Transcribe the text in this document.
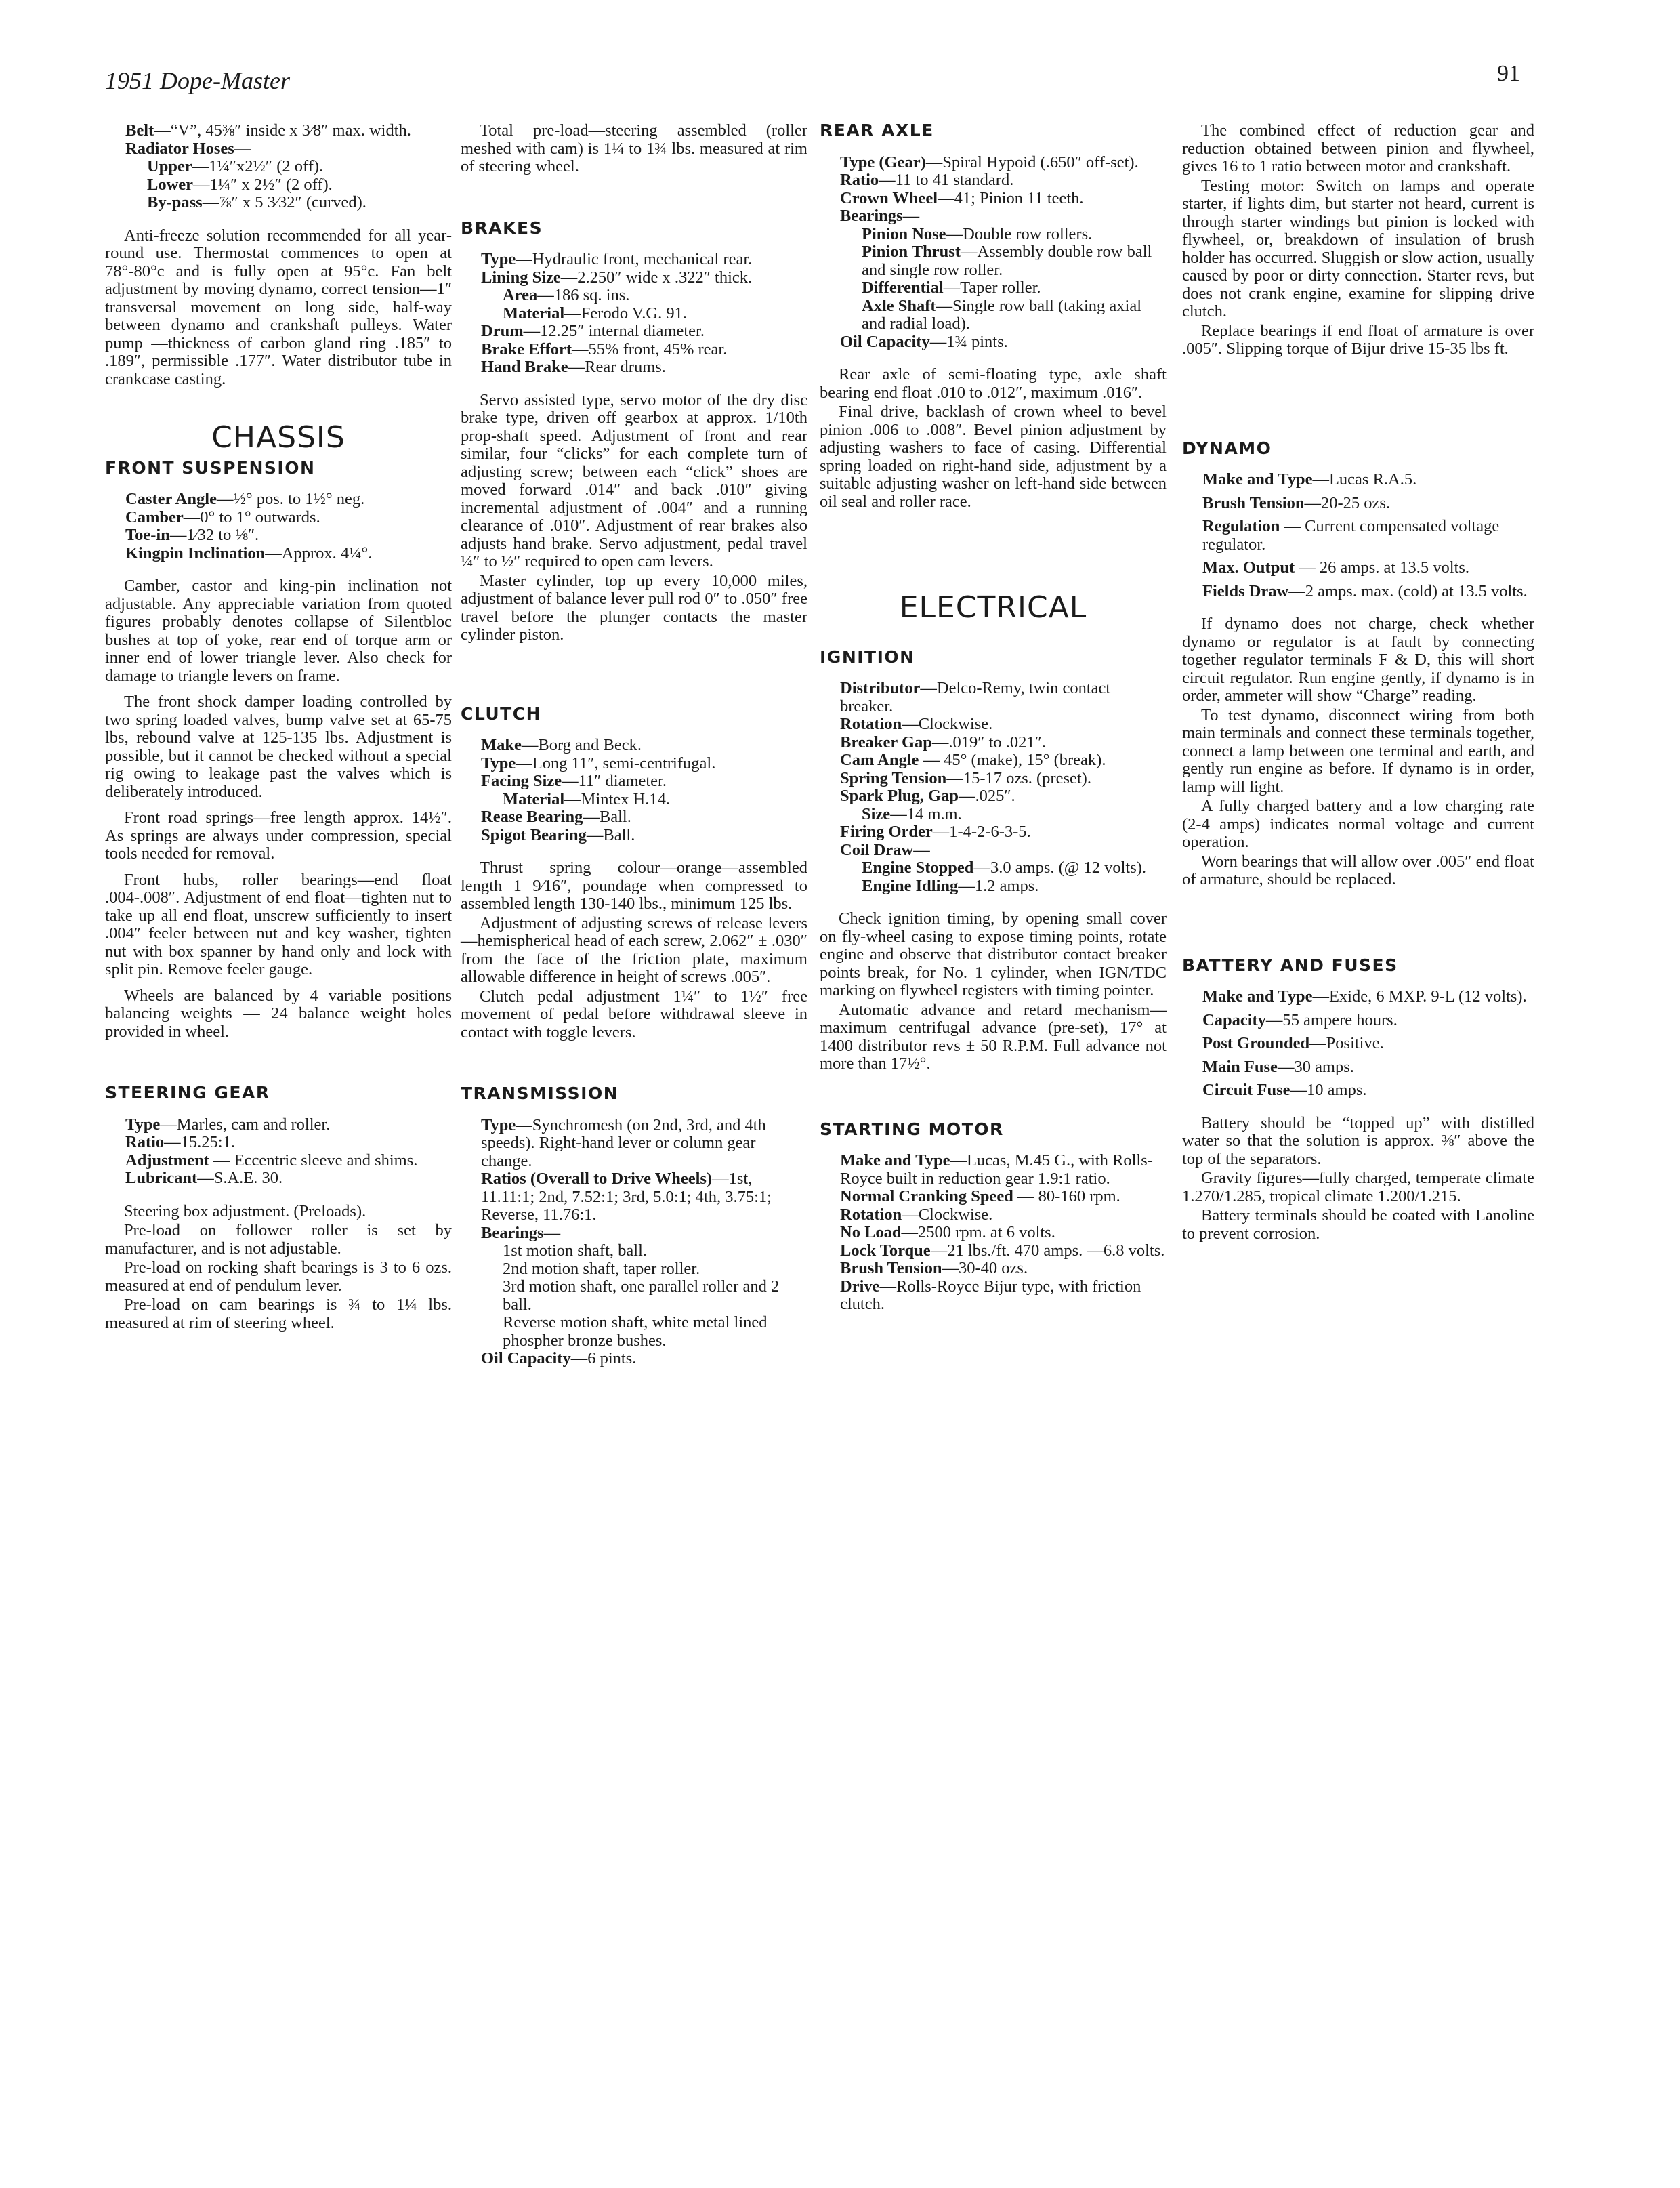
1951 Dope-Master	91

Belt—“V”, 45⅜″ inside x 3⁄8″ max. width.

Radiator Hoses—

Upper—1¼″x2½″ (2 off).

Lower—1¼″ x 2½″ (2 off).

By-pass—⅞″ x 5 3⁄32″ (curved).

Anti-freeze solution recommended for all year-round use. Thermostat commences to open at 78°-80°c and is fully open at 95°c. Fan belt adjustment by moving dynamo, correct tension—1″ transversal movement on long side, half-way between dynamo and crankshaft pulleys. Water pump —thickness of carbon gland ring .185″ to .189″, permissible .177″. Water distributor tube in crankcase casting.

CHASSIS
FRONT SUSPENSION

Caster Angle—½° pos. to 1½° neg.

Camber—0° to 1° outwards.

Toe-in—1⁄32 to ⅛″.

Kingpin Inclination—Approx. 4¼°.

Camber, castor and king-pin inclination not adjustable. Any appreciable variation from quoted figures probably denotes collapse of Silentbloc bushes at top of yoke, rear end of torque arm or inner end of lower triangle lever. Also check for damage to triangle levers on frame.

The front shock damper loading controlled by two spring loaded valves, bump valve set at 65-75 lbs, rebound valve at 125-135 lbs. Adjustment is possible, but it cannot be checked without a special rig owing to leakage past the valves which is deliberately introduced.

Front road springs—free length approx. 14½″. As springs are always under compression, special tools needed for removal.

Front hubs, roller bearings—end float .004-.008″. Adjustment of end float—tighten nut to take up all end float, unscrew sufficiently to insert .004″ feeler between nut and key washer, tighten nut with box spanner by hand only and lock with split pin. Remove feeler gauge.

Wheels are balanced by 4 variable positions balancing weights — 24 balance weight holes provided in wheel.

STEERING GEAR

Type—Marles, cam and roller.

Ratio—15.25:1.

Adjustment — Eccentric sleeve and shims.

Lubricant—S.A.E. 30.

Steering box adjustment. (Preloads).

Pre-load on follower roller is set by manufacturer, and is not adjustable.

Pre-load on rocking shaft bearings is 3 to 6 ozs. measured at end of pendulum lever.

Pre-load on cam bearings is ¾ to 1¼ lbs. measured at rim of steering wheel.

Total pre-load—steering assembled (roller meshed with cam) is 1¼ to 1¾ lbs. measured at rim of steering wheel.

BRAKES

Type—Hydraulic front, mechanical rear.

Lining Size—2.250″ wide x .322″ thick.

Area—186 sq. ins.

Material—Ferodo V.G. 91.

Drum—12.25″ internal diameter.

Brake Effort—55% front, 45% rear.

Hand Brake—Rear drums.

Servo assisted type, servo motor of the dry disc brake type, driven off gearbox at approx. 1/10th prop-shaft speed. Adjustment of front and rear similar, four “clicks” for each complete turn of adjusting screw; between each “click” shoes are moved forward .014″ and back .010″ giving incremental adjustment of .004″ and a running clearance of .010″. Adjustment of rear brakes also adjusts hand brake. Servo adjustment, pedal travel ¼″ to ½″ required to open cam levers.

Master cylinder, top up every 10,000 miles, adjustment of balance lever pull rod 0″ to .050″ free travel before the plunger contacts the master cylinder piston.

CLUTCH

Make—Borg and Beck.

Type—Long 11″, semi-centrifugal.

Facing Size—11″ diameter.

Material—Mintex H.14.

Rease Bearing—Ball.

Spigot Bearing—Ball.

Thrust spring colour—orange—assembled length 1 9⁄16″, poundage when compressed to assembled length 130-140 lbs., minimum 125 lbs.

Adjustment of adjusting screws of release levers—hemispherical head of each screw, 2.062″ ± .030″ from the face of the friction plate, maximum allowable difference in height of screws .005″.

Clutch pedal adjustment 1¼″ to 1½″ free movement of pedal before withdrawal sleeve in contact with toggle levers.

TRANSMISSION

Type—Synchromesh (on 2nd, 3rd, and 4th speeds). Right-hand lever or column gear change.

Ratios (Overall to Drive Wheels)—1st, 11.11:1; 2nd, 7.52:1; 3rd, 5.0:1; 4th, 3.75:1; Reverse, 11.76:1.

Bearings—

1st motion shaft, ball.

2nd motion shaft, taper roller.

3rd motion shaft, one parallel roller and 2 ball.

Reverse motion shaft, white metal lined phospher bronze bushes.

Oil Capacity—6 pints.

REAR AXLE

Type (Gear)—Spiral Hypoid (.650″ off-set).

Ratio—11 to 41 standard.

Crown Wheel—41; Pinion 11 teeth.

Bearings—

Pinion Nose—Double row rollers.

Pinion Thrust—Assembly double row ball and single row roller.

Differential—Taper roller.

Axle Shaft—Single row ball (taking axial and radial load).

Oil Capacity—1¾ pints.

Rear axle of semi-floating type, axle shaft bearing end float .010 to .012″, maximum .016″.

Final drive, backlash of crown wheel to bevel pinion .006 to .008″. Bevel pinion adjustment by adjusting washers to face of casing. Differential spring loaded on right-hand side, adjustment by a suitable adjusting washer on left-hand side between oil seal and roller race.

ELECTRICAL
IGNITION

Distributor—Delco-Remy, twin contact breaker.

Rotation—Clockwise.

Breaker Gap—.019″ to .021″.

Cam Angle — 45° (make), 15° (break).

Spring Tension—15-17 ozs. (preset).

Spark Plug, Gap—.025″.

Size—14 m.m.

Firing Order—1-4-2-6-3-5.

Coil Draw—

Engine Stopped—3.0 amps. (@ 12 volts).

Engine Idling—1.2 amps.

Check ignition timing, by opening small cover on fly-wheel casing to expose timing points, rotate engine and observe that distributor contact breaker points break, for No. 1 cylinder, when IGN/TDC marking on flywheel registers with timing pointer.

Automatic advance and retard mechanism—maximum centrifugal advance (pre-set), 17° at 1400 distributor revs ± 50 R.P.M. Full advance not more than 17½°.

STARTING MOTOR

Make and Type—Lucas, M.45 G., with Rolls-Royce built in reduction gear 1.9:1 ratio.

Normal Cranking Speed — 80-160 rpm.

Rotation—Clockwise.

No Load—2500 rpm. at 6 volts.

Lock Torque—21 lbs./ft. 470 amps. —6.8 volts.

Brush Tension—30-40 ozs.

Drive—Rolls-Royce Bijur type, with friction clutch.

The combined effect of reduction gear and reduction obtained between pinion and flywheel, gives 16 to 1 ratio between motor and crankshaft.

Testing motor: Switch on lamps and operate starter, if lights dim, but starter not heard, current is through starter windings but pinion is locked with flywheel, or, breakdown of insulation of brush holder has occurred. Sluggish or slow action, usually caused by poor or dirty connection. Starter revs, but does not crank engine, examine for slipping drive clutch.

Replace bearings if end float of armature is over .005″. Slipping torque of Bijur drive 15-35 lbs ft.

DYNAMO

Make and Type—Lucas R.A.5.

Brush Tension—20-25 ozs.

Regulation — Current compensated voltage regulator.

Max. Output — 26 amps. at 13.5 volts.

Fields Draw—2 amps. max. (cold) at 13.5 volts.

If dynamo does not charge, check whether dynamo or regulator is at fault by connecting together regulator terminals F & D, this will short circuit regulator. Run engine gently, if dynamo is in order, ammeter will show “Charge” reading.

To test dynamo, disconnect wiring from both main terminals and connect these terminals together, connect a lamp between one terminal and earth, and gently run engine as before. If dynamo is in order, lamp will light.

A fully charged battery and a low charging rate (2-4 amps) indicates normal voltage and current operation.

Worn bearings that will allow over .005″ end float of armature, should be replaced.

BATTERY AND FUSES

Make and Type—Exide, 6 MXP. 9-L (12 volts).

Capacity—55 ampere hours.

Post Grounded—Positive.

Main Fuse—30 amps.

Circuit Fuse—10 amps.

Battery should be “topped up” with distilled water so that the solution is approx. ⅜″ above the top of the separators.

Gravity figures—fully charged, temperate climate 1.270/1.285, tropical climate 1.200/1.215.

Battery terminals should be coated with Lanoline to prevent corrosion.
